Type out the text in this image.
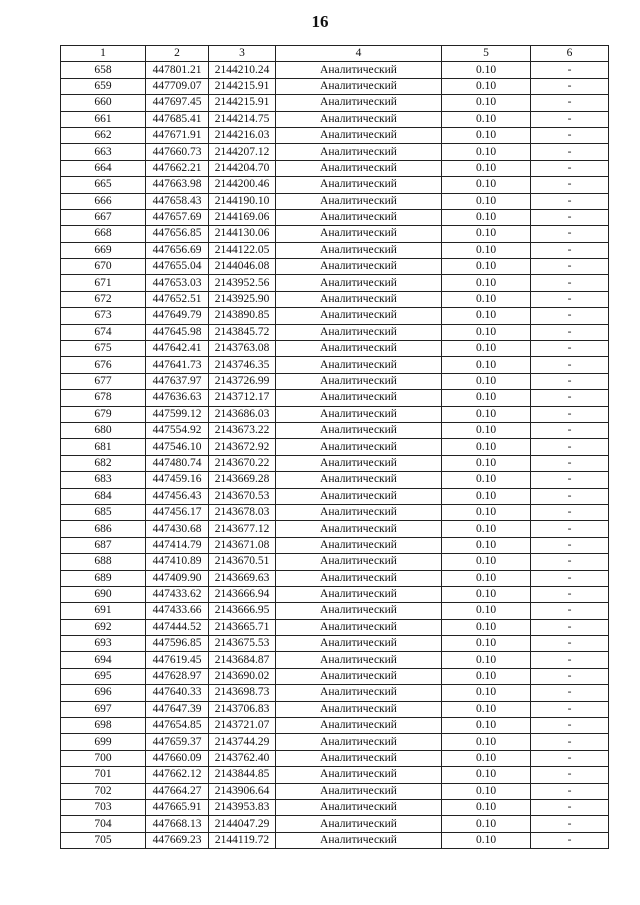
16
1	2	3	4	5	6
658	447801.21	2144210.24	Аналитический	0.10	-
659	447709.07	2144215.91	Аналитический	0.10	-
660	447697.45	2144215.91	Аналитический	0.10	-
661	447685.41	2144214.75	Аналитический	0.10	-
662	447671.91	2144216.03	Аналитический	0.10	-
663	447660.73	2144207.12	Аналитический	0.10	-
664	447662.21	2144204.70	Аналитический	0.10	-
665	447663.98	2144200.46	Аналитический	0.10	-
666	447658.43	2144190.10	Аналитический	0.10	-
667	447657.69	2144169.06	Аналитический	0.10	-
668	447656.85	2144130.06	Аналитический	0.10	-
669	447656.69	2144122.05	Аналитический	0.10	-
670	447655.04	2144046.08	Аналитический	0.10	-
671	447653.03	2143952.56	Аналитический	0.10	-
672	447652.51	2143925.90	Аналитический	0.10	-
673	447649.79	2143890.85	Аналитический	0.10	-
674	447645.98	2143845.72	Аналитический	0.10	-
675	447642.41	2143763.08	Аналитический	0.10	-
676	447641.73	2143746.35	Аналитический	0.10	-
677	447637.97	2143726.99	Аналитический	0.10	-
678	447636.63	2143712.17	Аналитический	0.10	-
679	447599.12	2143686.03	Аналитический	0.10	-
680	447554.92	2143673.22	Аналитический	0.10	-
681	447546.10	2143672.92	Аналитический	0.10	-
682	447480.74	2143670.22	Аналитический	0.10	-
683	447459.16	2143669.28	Аналитический	0.10	-
684	447456.43	2143670.53	Аналитический	0.10	-
685	447456.17	2143678.03	Аналитический	0.10	-
686	447430.68	2143677.12	Аналитический	0.10	-
687	447414.79	2143671.08	Аналитический	0.10	-
688	447410.89	2143670.51	Аналитический	0.10	-
689	447409.90	2143669.63	Аналитический	0.10	-
690	447433.62	2143666.94	Аналитический	0.10	-
691	447433.66	2143666.95	Аналитический	0.10	-
692	447444.52	2143665.71	Аналитический	0.10	-
693	447596.85	2143675.53	Аналитический	0.10	-
694	447619.45	2143684.87	Аналитический	0.10	-
695	447628.97	2143690.02	Аналитический	0.10	-
696	447640.33	2143698.73	Аналитический	0.10	-
697	447647.39	2143706.83	Аналитический	0.10	-
698	447654.85	2143721.07	Аналитический	0.10	-
699	447659.37	2143744.29	Аналитический	0.10	-
700	447660.09	2143762.40	Аналитический	0.10	-
701	447662.12	2143844.85	Аналитический	0.10	-
702	447664.27	2143906.64	Аналитический	0.10	-
703	447665.91	2143953.83	Аналитический	0.10	-
704	447668.13	2144047.29	Аналитический	0.10	-
705	447669.23	2144119.72	Аналитический	0.10	-
